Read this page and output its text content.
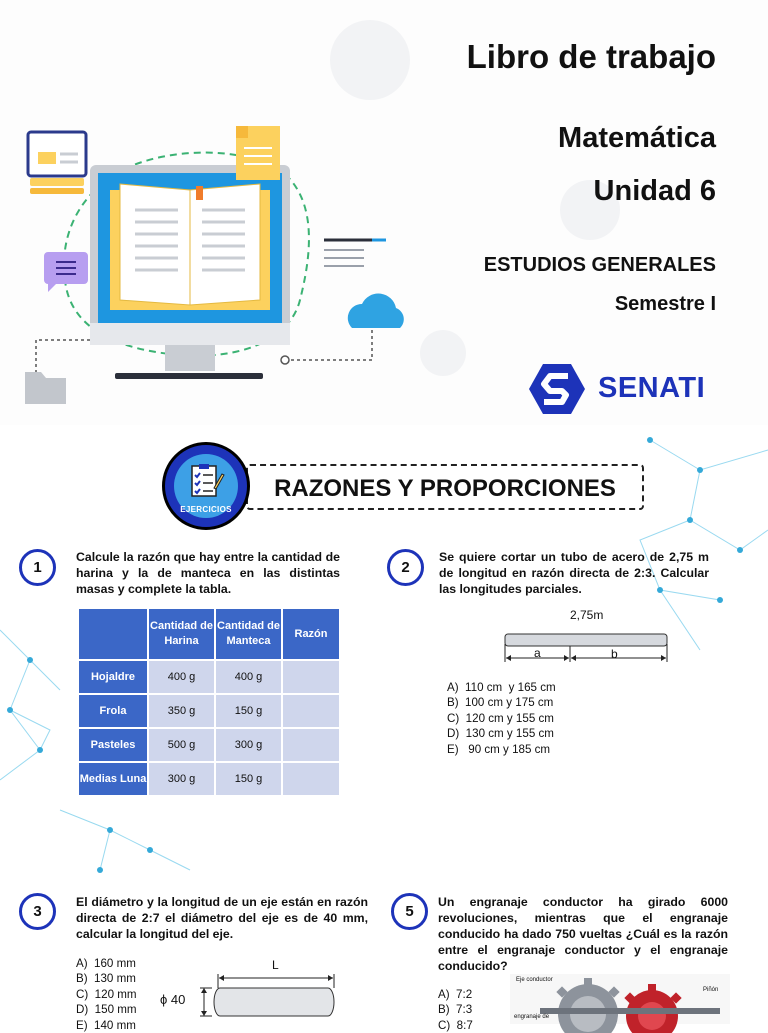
Libro de trabajo
Matemática
Unidad 6
ESTUDIOS GENERALES
Semestre I
SENATI
RAZONES Y PROPORCIONES
EJERCICIOS
1
Calcule la razón que hay entre la cantidad de harina y la de manteca en las distintas masas y complete la tabla.
	Cantidad de Harina	Cantidad de Manteca	Razón
Hojaldre	400 g	400 g	
Frola	350 g	150 g	
Pasteles	500 g	300 g	
Medias Luna	300 g	150 g	
2
Se quiere cortar un tubo de acero de 2,75 m de longitud en razón directa de 2:3. Calcular las longitudes parciales.
2,75m
a	b
A)  110 cm  y 165 cm
B)  100 cm y 175 cm
C)  120 cm y 155 cm
D)  130 cm y 155 cm
E)   90 cm y 185 cm
3
El diámetro y la longitud de un eje están en razón directa de 2:7 el diámetro del eje es de 40 mm, calcular la longitud del eje.
A)  160 mm
B)  130 mm
C)  120 mm
D)  150 mm
E)  140 mm
L
ϕ 40
5
Un engranaje conductor ha girado 6000 revoluciones, mientras que el engranaje conducido ha dado 750 vueltas ¿Cuál es la razón entre el engranaje conductor y el engranaje conducido?
A)  7:2
B)  7:3
C)  8:7
Eje conductor
Piñón
engranaje de
